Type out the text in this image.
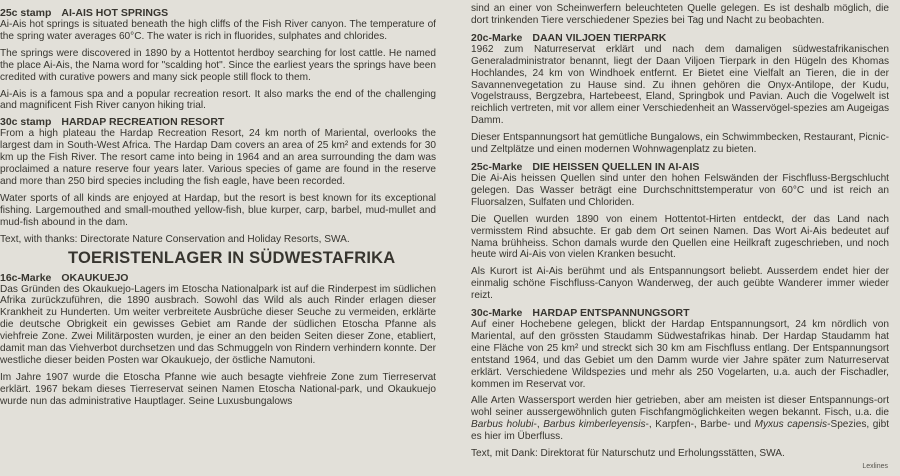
25c stamp AI-AIS HOT SPRINGS

Ai-Ais hot springs is situated beneath the high cliffs of the Fish River canyon. The temperature of the spring water averages 60°C. The water is rich in fluorides, sulphates and chlorides.

The springs were discovered in 1890 by a Hottentot herdboy searching for lost cattle. He named the place Ai-Ais, the Nama word for "scalding hot". Since the earliest years the springs have been credited with curative powers and many sick people still flock to them.

Ai-Ais is a famous spa and a popular recreation resort. It also marks the end of the challenging and magnificent Fish River canyon hiking trial.

30c stamp HARDAP RECREATION RESORT

From a high plateau the Hardap Recreation Resort, 24 km north of Mariental, overlooks the largest dam in South-West Africa. The Hardap Dam covers an area of 25 km² and extends for 30 km up the Fish River. The resort came into being in 1964 and an area surrounding the dam was proclaimed a nature reserve four years later. Various species of game are found in the reserve and more than 250 bird species including the fish eagle, have been recorded.

Water sports of all kinds are enjoyed at Hardap, but the resort is best known for its exceptional fishing. Largemouthed and small-mouthed yellow-fish, blue kurper, carp, barbel, mud-mullet and mud-fish abound in the dam.

Text, with thanks: Directorate Nature Conservation and Holiday Resorts, SWA.

TOERISTENLAGER IN SÜDWESTAFRIKA
16c-Marke OKAUKUEJO

Das Gründen des Okaukuejo-Lagers im Etoscha Nationalpark ist auf die Rinderpest im südlichen Afrika zurückzuführen, die 1890 ausbrach. Sowohl das Wild als auch Rinder erlagen dieser Krankheit zu Hunderten. Um weiter verbreitete Ausbrüche dieser Seuche zu vermeiden, erklärte die deutsche Obrigkeit ein gewisses Gebiet am Rande der südlichen Etoscha Pfanne als viehfreie Zone. Zwei Militärposten wurden, je einer an den beiden Seiten dieser Zone, etabliert, damit man das Viehverbot durchsetzen und das Schmuggeln von Rindern verhindern konnte. Der westliche dieser beiden Posten war Okaukuejo, der östliche Namutoni.

Im Jahre 1907 wurde die Etoscha Pfanne wie auch besagte viehfreie Zone zum Tierreservat erklärt. 1967 bekam dieses Tierreservat seinen Namen Etoscha National-park, und Okaukuejo wurde nun das administrative Hauptlager. Seine Luxusbungalows

sind an einer von Scheinwerfern beleuchteten Quelle gelegen. Es ist deshalb möglich, die dort trinkenden Tiere verschiedener Spezies bei Tag und Nacht zu beobachten.

20c-Marke DAAN VILJOEN TIERPARK

1962 zum Naturreservat erklärt und nach dem damaligen südwestafrikanischen Generaladministrator benannt, liegt der Daan Viljoen Tierpark in den Hügeln des Khomas Hochlandes, 24 km von Windhoek entfernt. Er Bietet eine Vielfalt an Tieren, die in der Savannenvegetation zu Hause sind. Zu ihnen gehören die Onyx-Antilope, der Kudu, Vogelstrauss, Bergzebra, Hartebeest, Eland, Springbok und Pavian. Auch die Vogelwelt ist reichlich vertreten, mit vor allem einer Verschiedenheit an Wasservögel-spezies am Augeigas Damm.

Dieser Entspannungsort hat gemütliche Bungalows, ein Schwimmbecken, Restaurant, Picnic- und Zeltplätze und einen modernen Wohnwagenplatz zu bieten.

25c-Marke DIE HEISSEN QUELLEN IN AI-AIS

Die Ai-Ais heissen Quellen sind unter den hohen Felswänden der Fischfluss-Bergschlucht gelegen. Das Wasser beträgt eine Durchschnittstemperatur von 60°C und ist reich an Fluorsalzen, Sulfaten und Chloriden.

Die Quellen wurden 1890 von einem Hottentot-Hirten entdeckt, der das Land nach vermisstem Rind absuchte. Er gab dem Ort seinen Namen. Das Wort Ai-Ais bedeutet auf Nama brühheiss. Schon damals wurde den Quellen eine Heilkraft zugeschrieben, und noch heute wird Ai-Ais von vielen Kranken besucht.

Als Kurort ist Ai-Ais berühmt und als Entspannungsort beliebt. Ausserdem endet hier der einmalig schöne Fischfluss-Canyon Wanderweg, der auch geübte Wanderer immer wieder reizt.

30c-Marke HARDAP ENTSPANNUNGSORT

Auf einer Hochebene gelegen, blickt der Hardap Entspannungsort, 24 km nördlich von Mariental, auf den grössten Staudamm Südwestafrikas hinab. Der Hardap Staudamm hat eine Fläche von 25 km² und streckt sich 30 km am Fischfluss entlang. Der Entspannungsort entstand 1964, und das Gebiet um den Damm wurde vier Jahre später zum Naturreservat erklärt. Verschiedene Wildspezies und mehr als 250 Vogelarten, u.a. auch der Fischadler, kommen im Reservat vor.

Alle Arten Wassersport werden hier getrieben, aber am meisten ist dieser Entspannungs-ort wohl seiner aussergewöhnlich guten Fischfangmöglichkeiten wegen bekannt. Fisch, u.a. die Barbus holubi-, Barbus kimberleyensis-, Karpfen-, Barbe- und Myxus capensis-Spezies, gibt es hier im Überfluss.

Text, mit Dank: Direktorat für Naturschutz und Erholungsstätten, SWA.

Lexlines
